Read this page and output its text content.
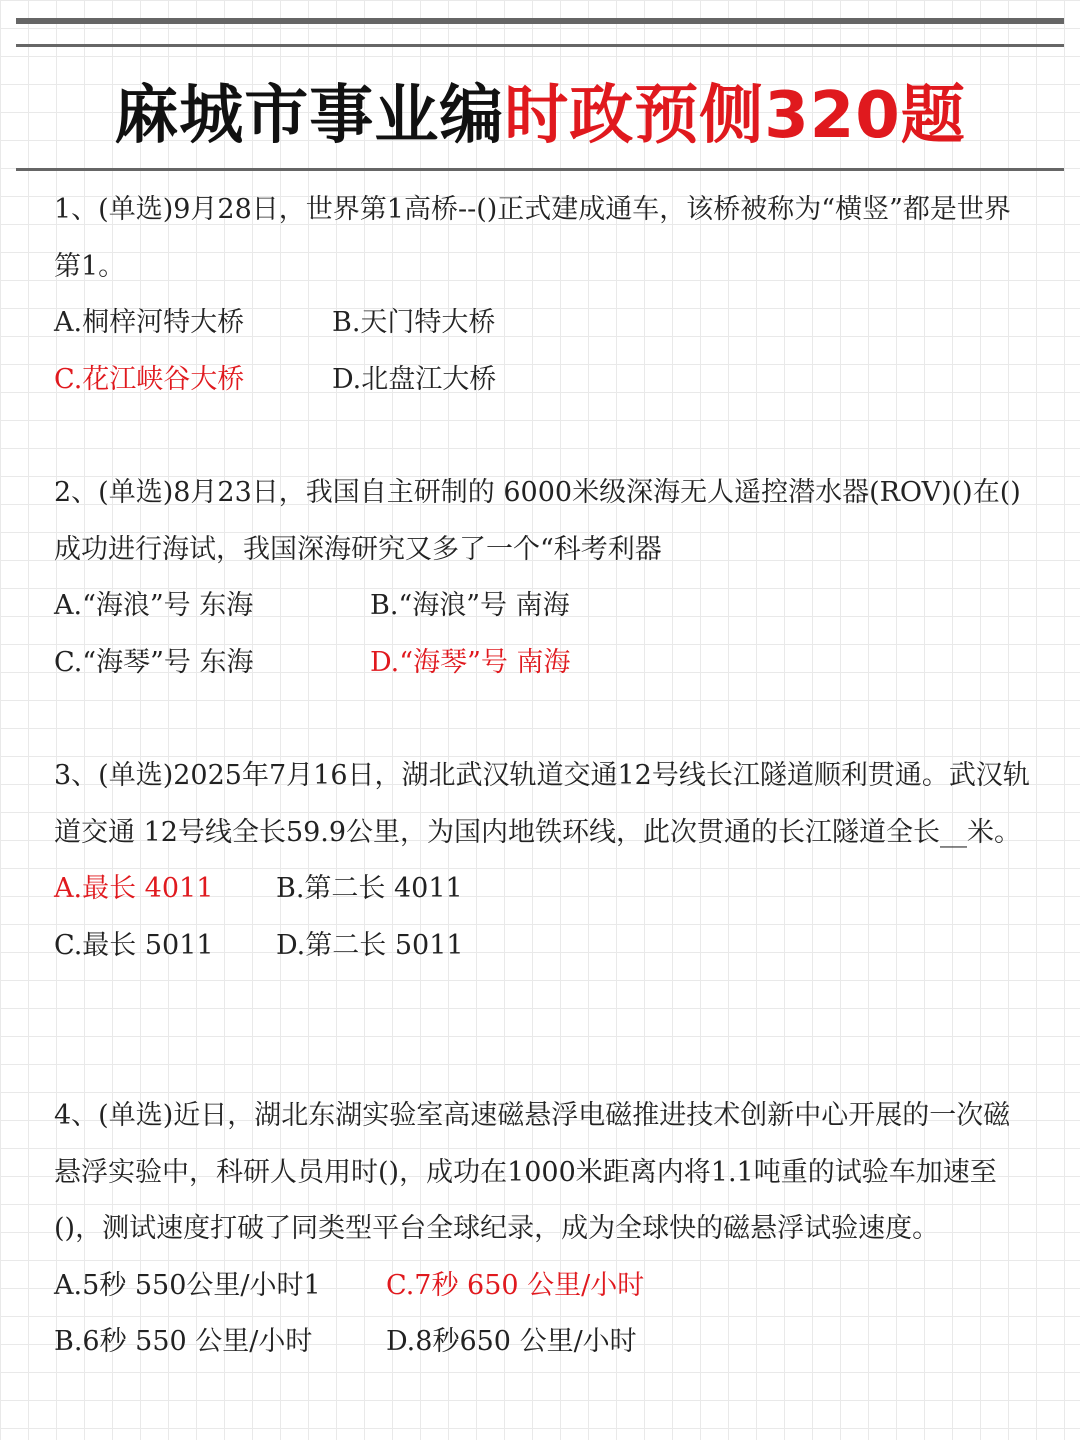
麻城市事业编时政预侧320题

1、(单选)9月28日，世界第1高桥--()正式建成通车，该桥被称为“横竖”都是世界第1。

A.桐梓河特大桥	B.天门特大桥
C.花江峡谷大桥	D.北盘江大桥

2、(单选)8月23日，我国自主研制的 6000米级深海无人遥控潜水器(ROV)()在()成功进行海试，我国深海研究又多了一个“科考利器

A.“海浪”号 东海	B.“海浪”号 南海
C.“海琴”号 东海	D.“海琴”号 南海

3、(单选)2025年7月16日，湖北武汉轨道交通12号线长江隧道顺利贯通。武汉轨道交通 12号线全长59.9公里，为国内地铁环线，此次贯通的长江隧道全长__米。

A.最长 4011 B.第二长 4011
C.最长 5011 D.第二长 5011

4、(单选)近日，湖北东湖实验室高速磁悬浮电磁推进技术创新中心开展的一次磁悬浮实验中，科研人员用时()，成功在1000米距离内将1.1吨重的试验车加速至()，测试速度打破了同类型平台全球纪录，成为全球快的磁悬浮试验速度。

A.5秒 550公里/小时1 C.7秒 650 公里/小时
B.6秒 550 公里/小时	D.8秒650 公里/小时
